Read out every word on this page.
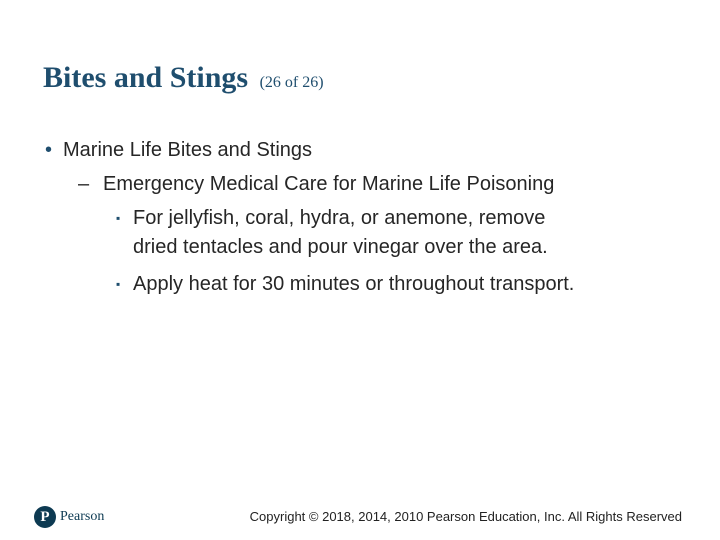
Bites and Stings (26 of 26)
• Marine Life Bites and Stings

– Emergency Medical Care for Marine Life Poisoning

▪ For jellyfish, coral, hydra, or anemone, remove

dried tentacles and pour vinegar over the area.

▪ Apply heat for 30 minutes or throughout transport.

P Pearson	Copyright © 2018, 2014, 2010 Pearson Education, Inc. All Rights Reserved
